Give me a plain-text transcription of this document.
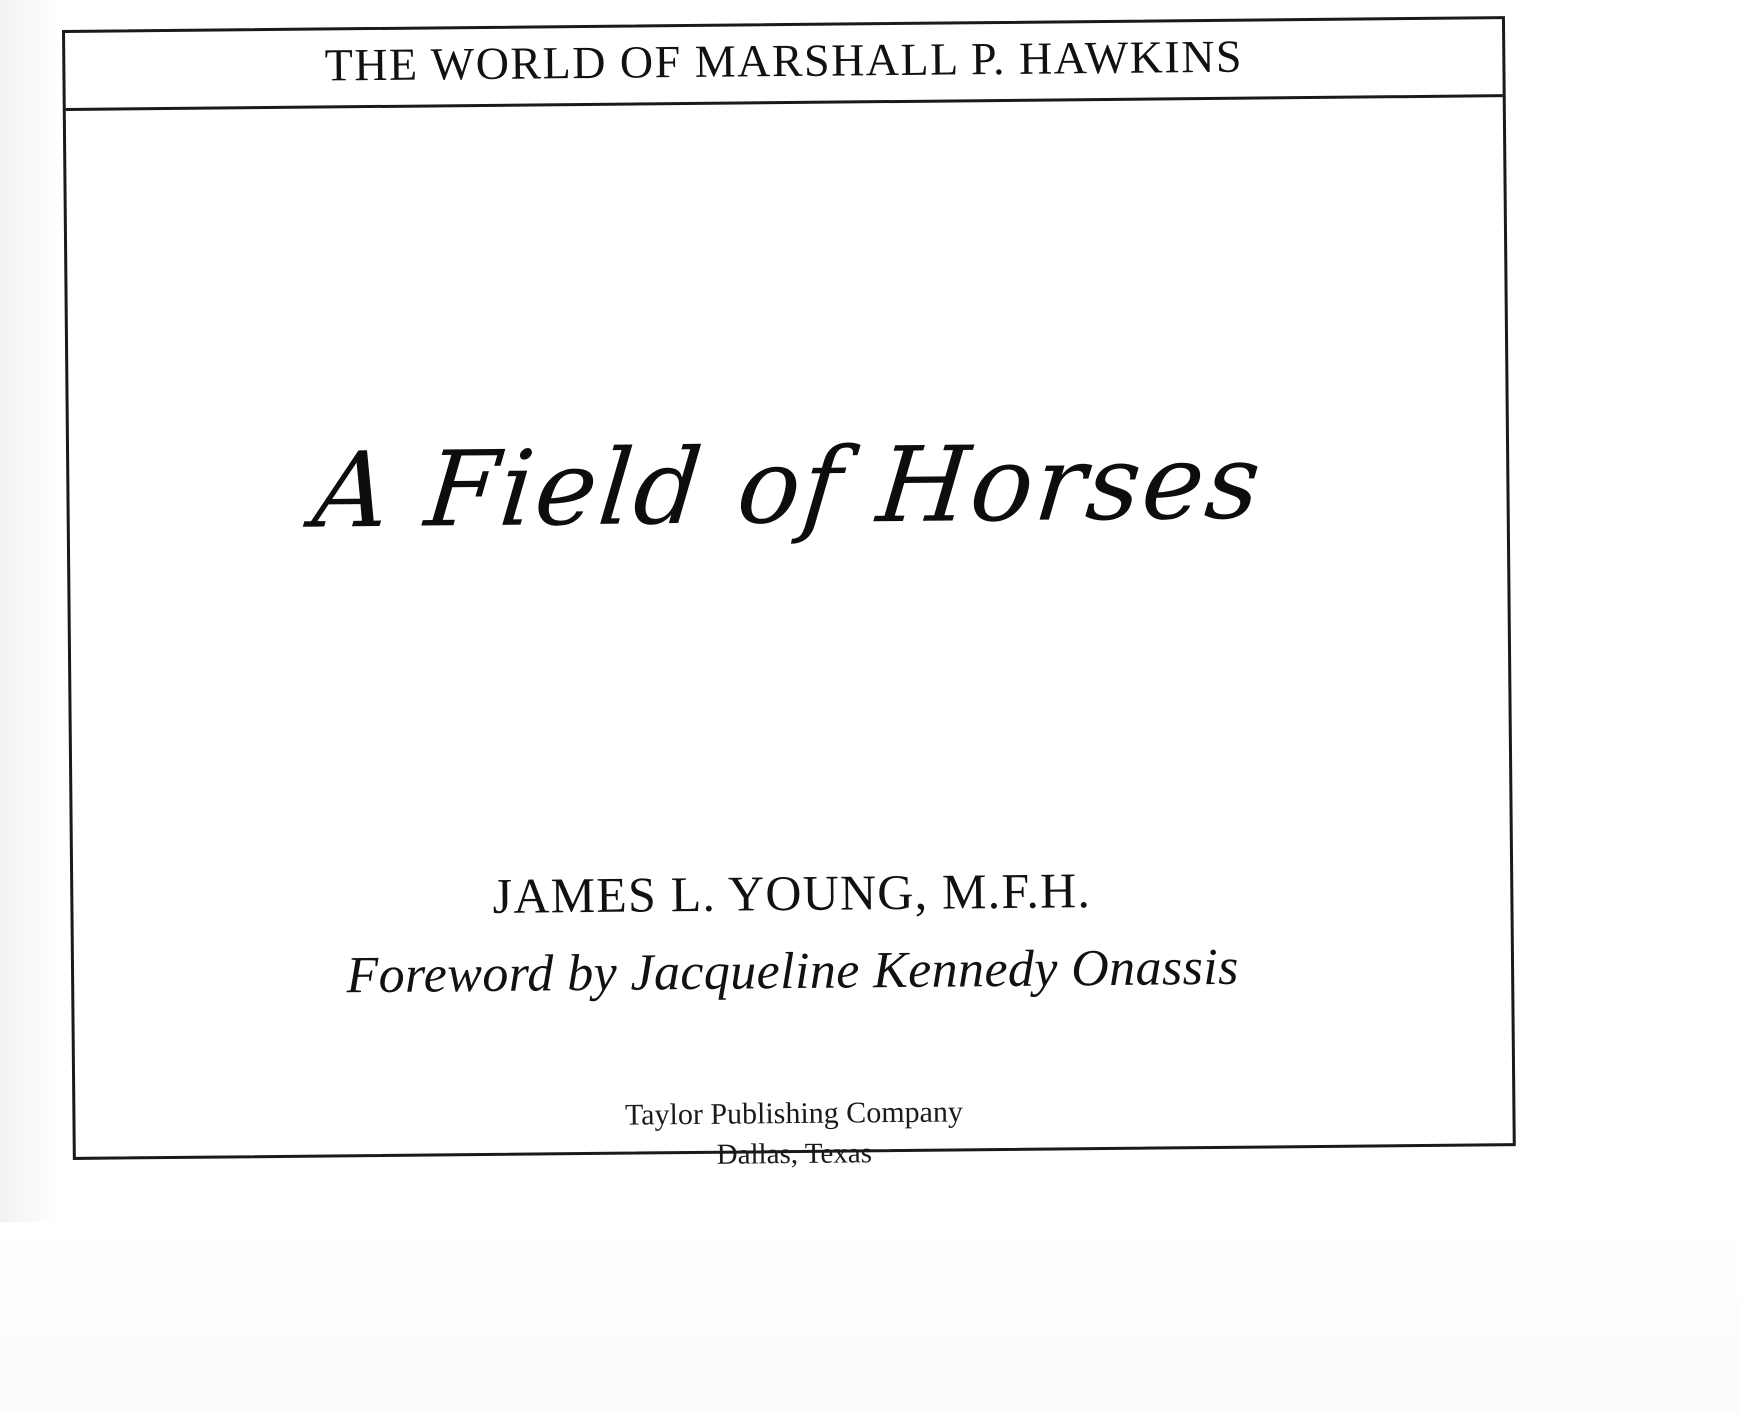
THE WORLD OF MARSHALL P. HAWKINS
A Field of Horses
JAMES L. YOUNG, M.F.H.
Foreword by Jacqueline Kennedy Onassis
Taylor Publishing Company
Dallas, Texas
